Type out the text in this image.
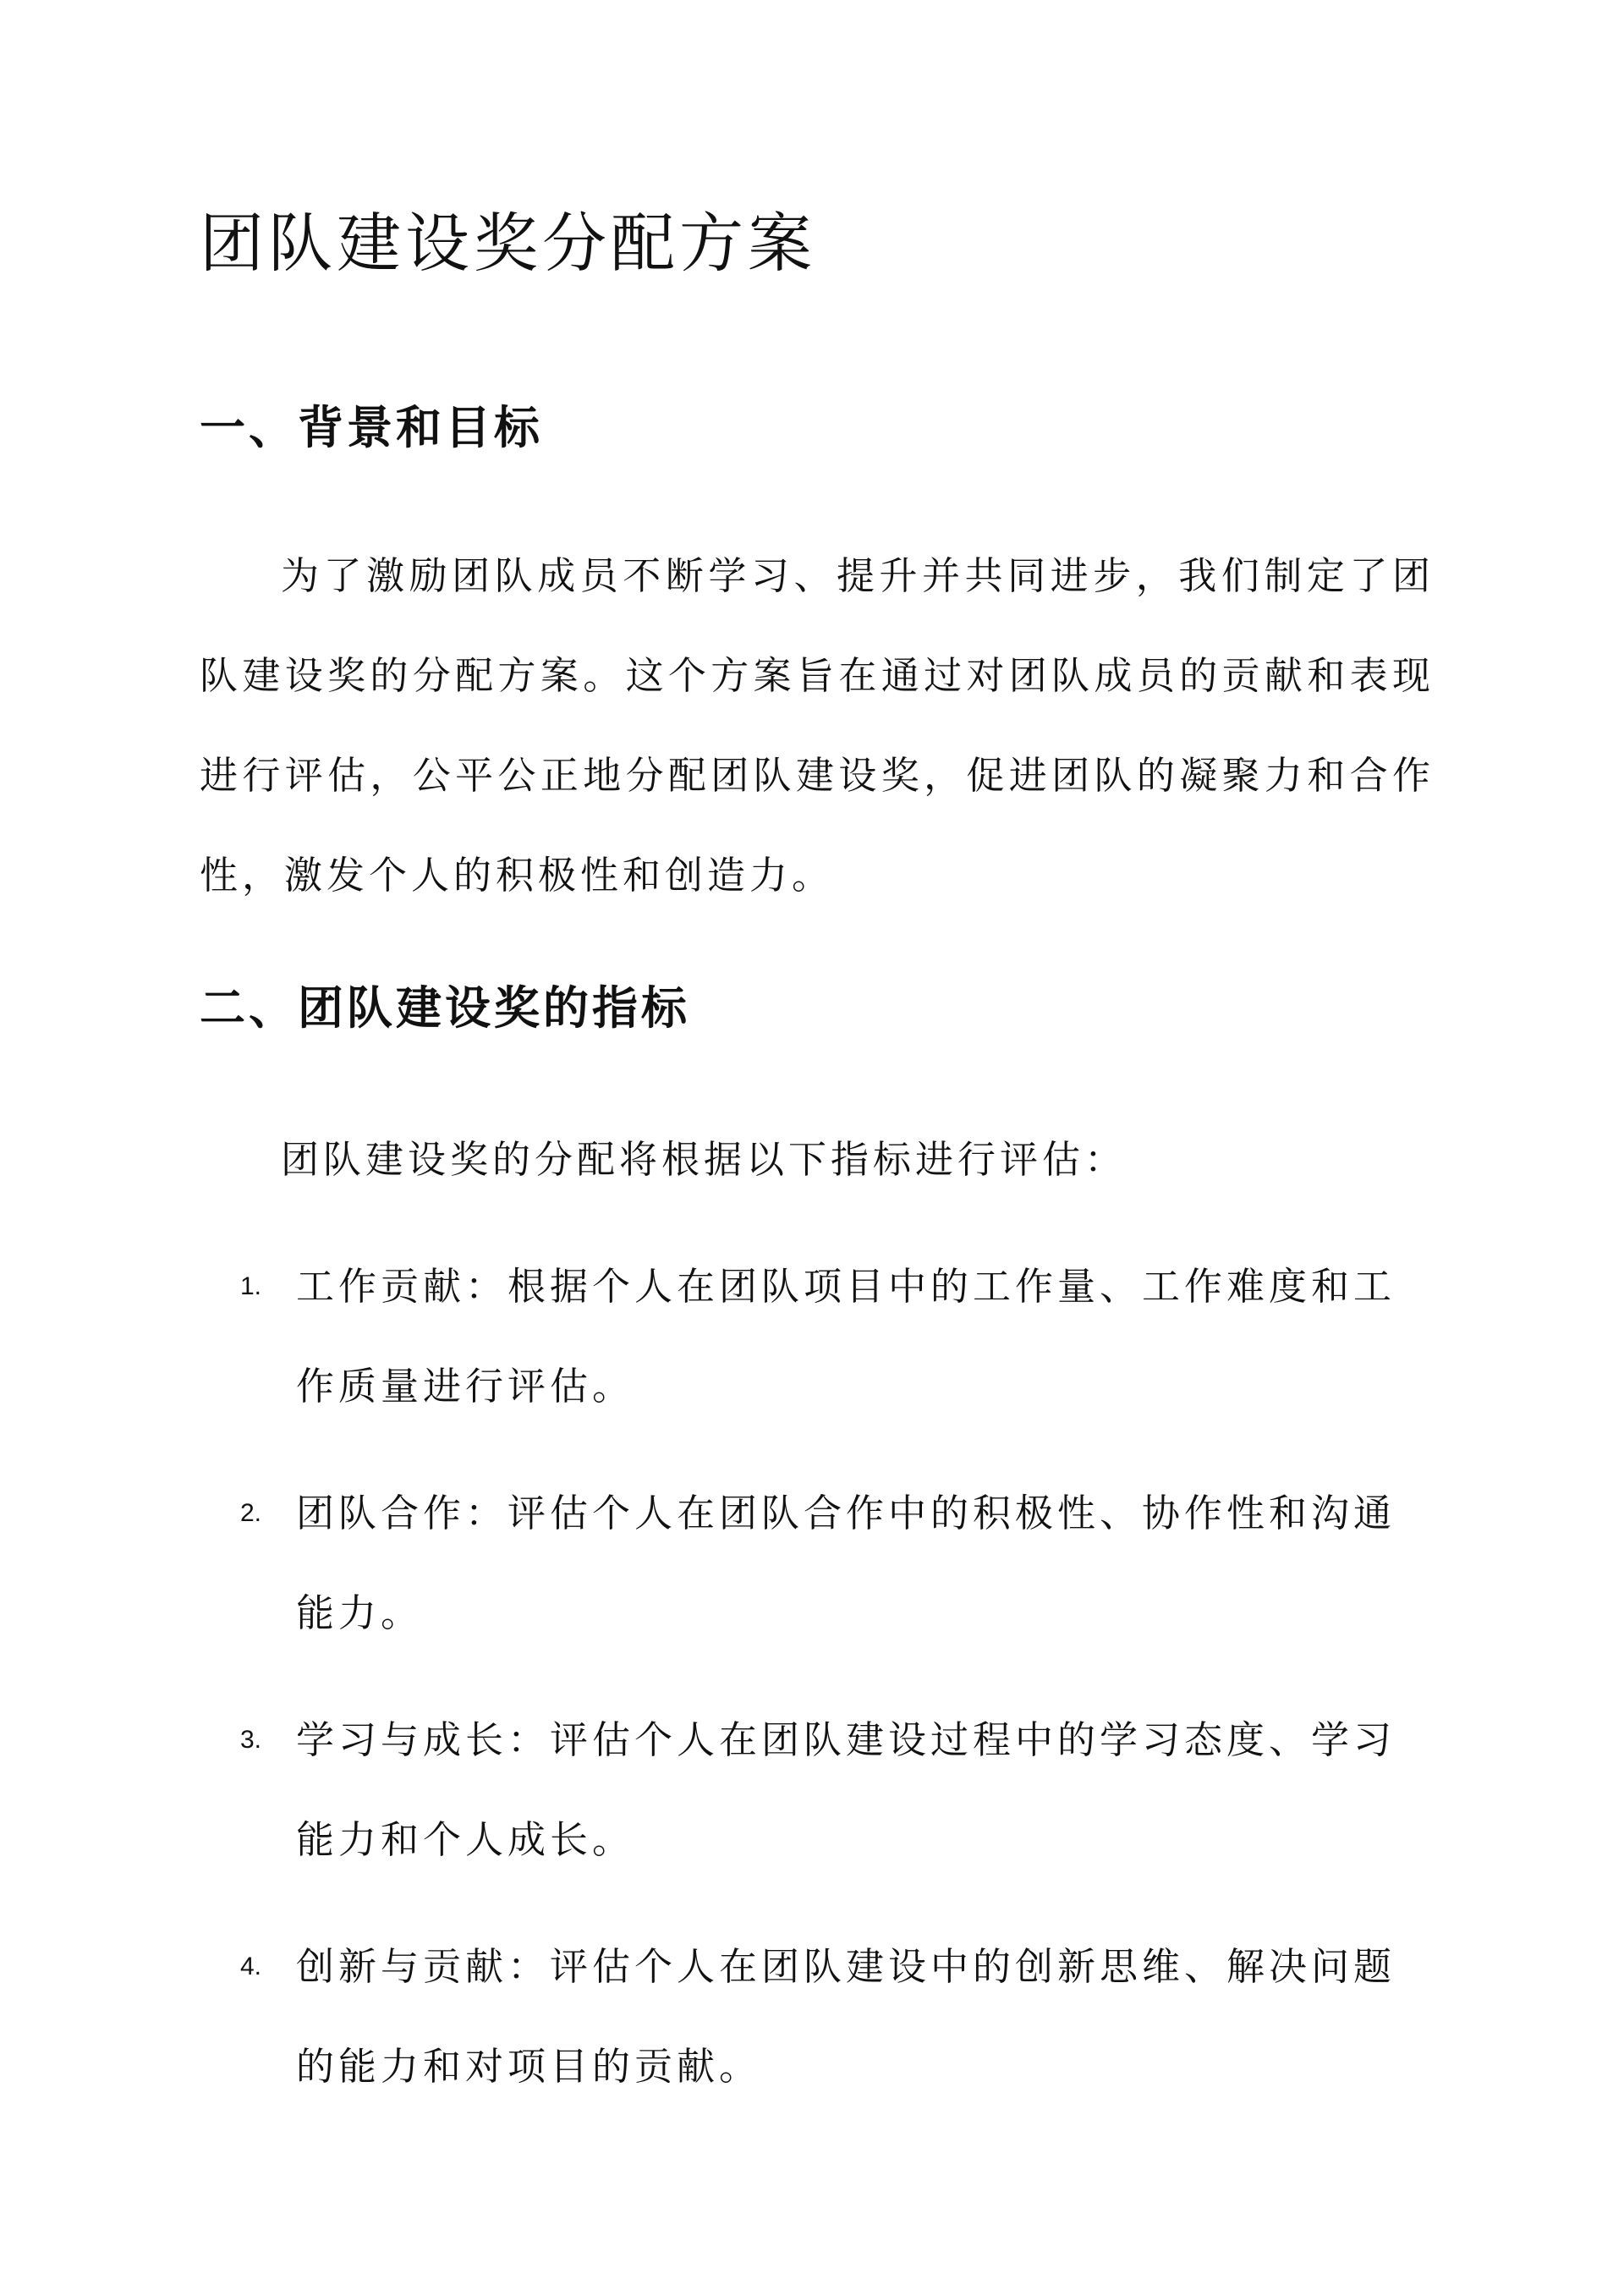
团队建设奖分配方案
一、背景和目标

为了激励团队成员不断学习、提升并共同进步，我们制定了团队建设奖的分配方案。这个方案旨在通过对团队成员的贡献和表现进行评估，公平公正地分配团队建设奖，促进团队的凝聚力和合作性，激发个人的积极性和创造力。

二、团队建设奖的指标

团队建设奖的分配将根据以下指标进行评估：

1. 工作贡献：根据个人在团队项目中的工作量、工作难度和工作质量进行评估。

2. 团队合作：评估个人在团队合作中的积极性、协作性和沟通能力。

3. 学习与成长：评估个人在团队建设过程中的学习态度、学习能力和个人成长。

4. 创新与贡献：评估个人在团队建设中的创新思维、解决问题的能力和对项目的贡献。
